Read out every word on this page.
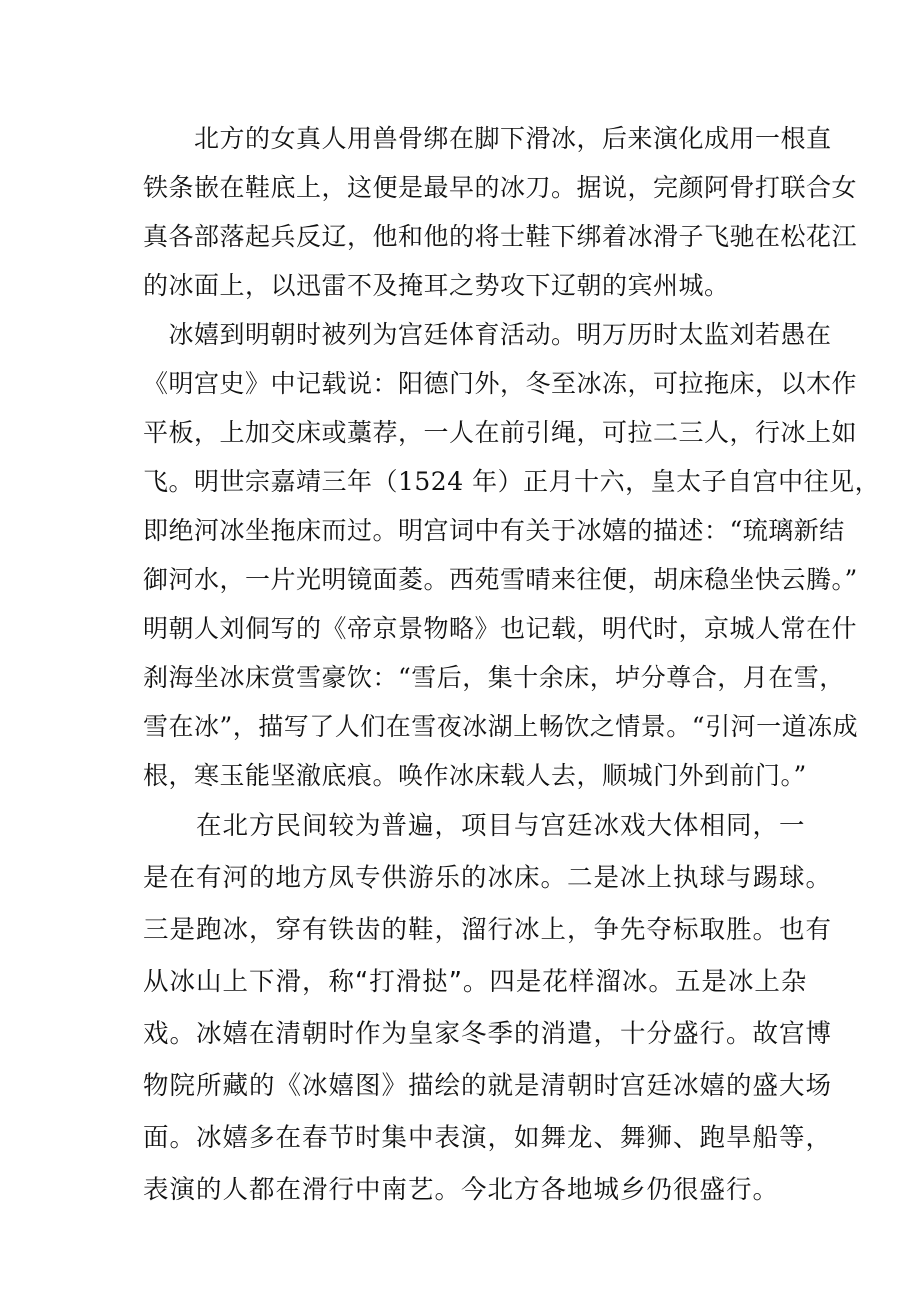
　　北方的女真人用兽骨绑在脚下滑冰，后来演化成用一根直
铁条嵌在鞋底上，这便是最早的冰刀。据说，完颜阿骨打联合女
真各部落起兵反辽，他和他的将士鞋下绑着冰滑子飞驰在松花江
的冰面上，以迅雷不及掩耳之势攻下辽朝的宾州城。
　冰嬉到明朝时被列为宫廷体育活动。明万历时太监刘若愚在
《明宫史》中记载说：阳德门外，冬至冰冻，可拉拖床，以木作
平板，上加交床或藁荐，一人在前引绳，可拉二三人，行冰上如
飞。明世宗嘉靖三年（1524 年）正月十六，皇太子自宫中往见，
即绝河冰坐拖床而过。明宫词中有关于冰嬉的描述：“琉璃新结
御河水，一片光明镜面菱。西苑雪晴来往便，胡床稳坐快云腾。”
明朝人刘侗写的《帝京景物略》也记载，明代时，京城人常在什
刹海坐冰床赏雪豪饮：“雪后，集十余床，垆分尊合，月在雪，
雪在冰”，描写了人们在雪夜冰湖上畅饮之情景。“引河一道冻成
根，寒玉能坚澈底痕。唤作冰床载人去，顺城门外到前门。”
　　在北方民间较为普遍，项目与宫廷冰戏大体相同，一
是在有河的地方凤专供游乐的冰床。二是冰上执球与踢球。
三是跑冰，穿有铁齿的鞋，溜行冰上，争先夺标取胜。也有
从冰山上下滑，称“打滑挞”。四是花样溜冰。五是冰上杂
戏。冰嬉在清朝时作为皇家冬季的消遣，十分盛行。故宫博
物院所藏的《冰嬉图》描绘的就是清朝时宫廷冰嬉的盛大场
面。冰嬉多在春节时集中表演，如舞龙、舞狮、跑旱船等，
表演的人都在滑行中南艺。今北方各地城乡仍很盛行。
